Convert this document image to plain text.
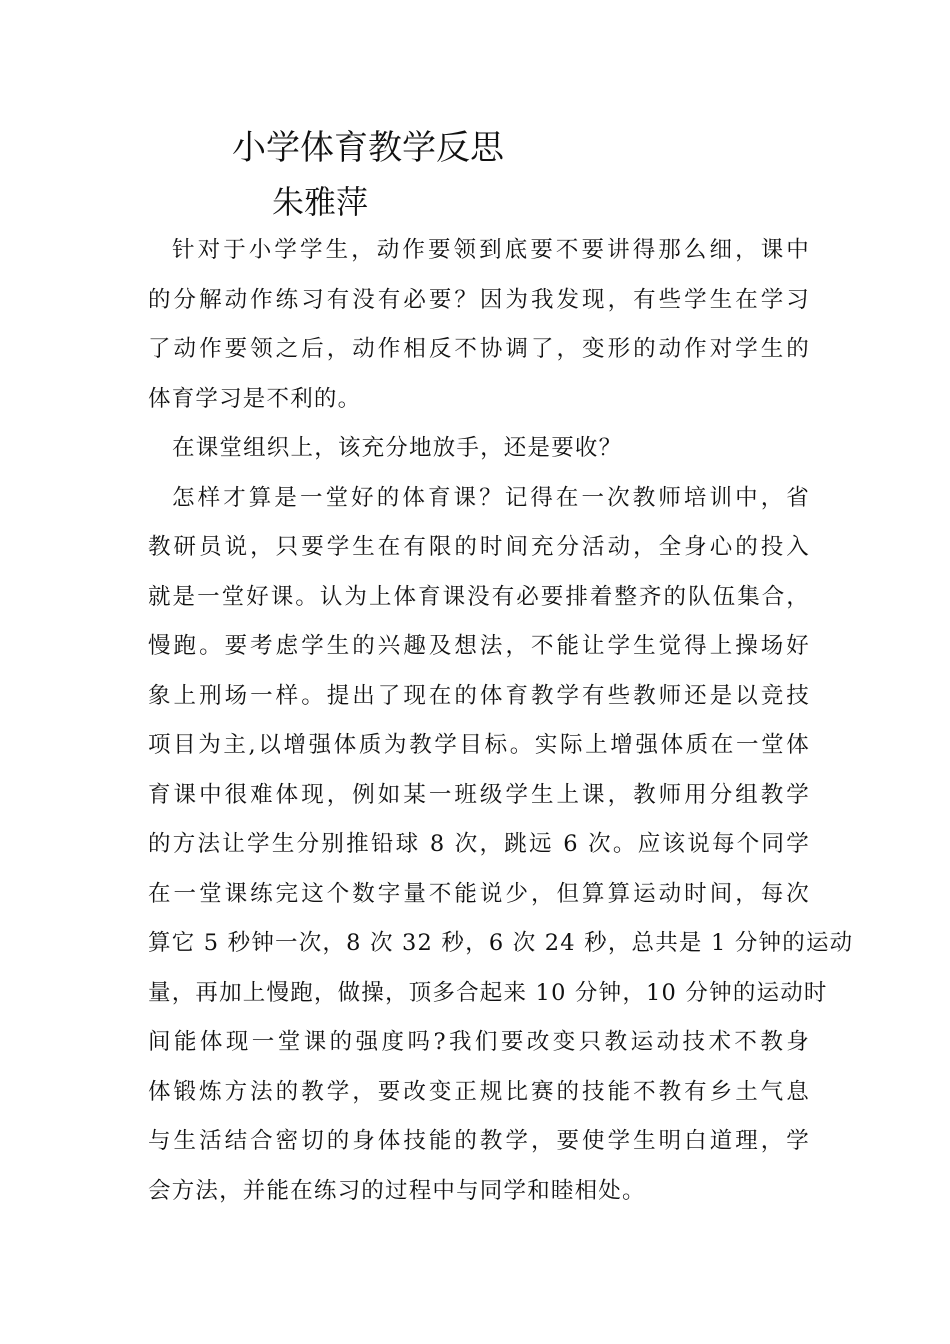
小学体育教学反思
朱雅萍
针对于小学学生，动作要领到底要不要讲得那么细，课中
的分解动作练习有没有必要？因为我发现，有些学生在学习
了动作要领之后，动作相反不协调了，变形的动作对学生的
体育学习是不利的。
在课堂组织上，该充分地放手，还是要收？
怎样才算是一堂好的体育课？记得在一次教师培训中，省
教研员说，只要学生在有限的时间充分活动，全身心的投入
就是一堂好课。认为上体育课没有必要排着整齐的队伍集合，
慢跑。要考虑学生的兴趣及想法，不能让学生觉得上操场好
象上刑场一样。提出了现在的体育教学有些教师还是以竞技
项目为主,以增强体质为教学目标。实际上增强体质在一堂体
育课中很难体现，例如某一班级学生上课，教师用分组教学
的方法让学生分别推铅球 8 次，跳远 6 次。应该说每个同学
在一堂课练完这个数字量不能说少，但算算运动时间，每次
算它 5 秒钟一次，8 次 32 秒，6 次 24 秒，总共是 1 分钟的运动
量，再加上慢跑，做操，顶多合起来 10 分钟，10 分钟的运动时
间能体现一堂课的强度吗?我们要改变只教运动技术不教身
体锻炼方法的教学，要改变正规比赛的技能不教有乡土气息
与生活结合密切的身体技能的教学，要使学生明白道理，学
会方法，并能在练习的过程中与同学和睦相处。
